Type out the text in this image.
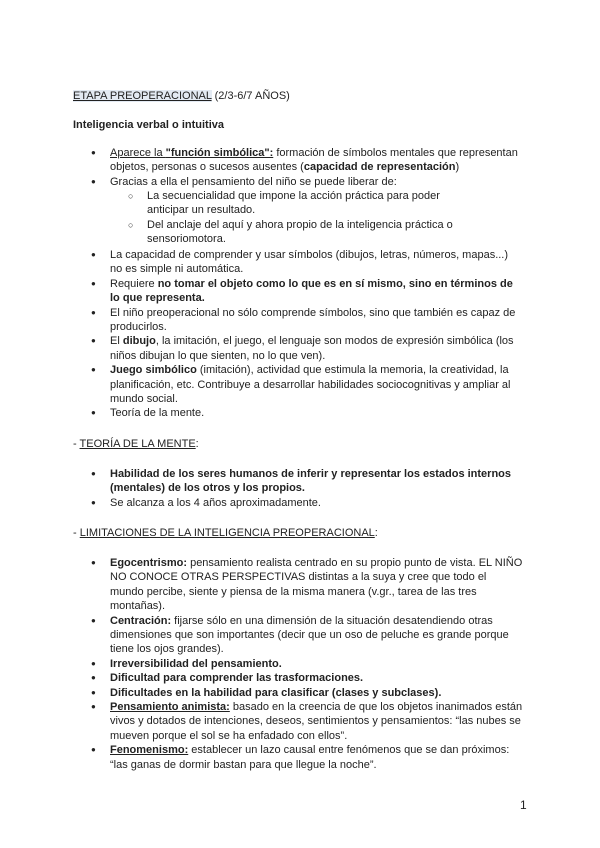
ETAPA PREOPERACIONAL (2/3-6/7 AÑOS)
Inteligencia verbal o intuitiva
● Aparece la "función simbólica": formación de símbolos mentales que representan objetos, personas o sucesos ausentes (capacidad de representación)
● Gracias a ella el pensamiento del niño se puede liberar de:
○ La secuencialidad que impone la acción práctica para poder anticipar un resultado.
○ Del anclaje del aquí y ahora propio de la inteligencia práctica o sensoriomotora.
● La capacidad de comprender y usar símbolos (dibujos, letras, números, mapas...) no es simple ni automática.
● Requiere no tomar el objeto como lo que es en sí mismo, sino en términos de lo que representa.
● El niño preoperacional no sólo comprende símbolos, sino que también es capaz de producirlos.
● El dibujo, la imitación, el juego, el lenguaje son modos de expresión simbólica (los niños dibujan lo que sienten, no lo que ven).
● Juego simbólico (imitación), actividad que estimula la memoria, la creatividad, la planificación, etc. Contribuye a desarrollar habilidades sociocognitivas y ampliar al mundo social.
● Teoría de la mente.
- TEORÍA DE LA MENTE:
● Habilidad de los seres humanos de inferir y representar los estados internos (mentales) de los otros y los propios.
● Se alcanza a los 4 años aproximadamente.
- LIMITACIONES DE LA INTELIGENCIA PREOPERACIONAL:
● Egocentrismo: pensamiento realista centrado en su propio punto de vista. EL NIÑO NO CONOCE OTRAS PERSPECTIVAS distintas a la suya y cree que todo el mundo percibe, siente y piensa de la misma manera (v.gr., tarea de las tres montañas).
● Centración: fijarse sólo en una dimensión de la situación desatendiendo otras dimensiones que son importantes (decir que un oso de peluche es grande porque tiene los ojos grandes).
● Irreversibilidad del pensamiento.
● Dificultad para comprender las trasformaciones.
● Dificultades en la habilidad para clasificar (clases y subclases).
● Pensamiento animista: basado en la creencia de que los objetos inanimados están vivos y dotados de intenciones, deseos, sentimientos y pensamientos: “las nubes se mueven porque el sol se ha enfadado con ellos”.
● Fenomenismo: establecer un lazo causal entre fenómenos que se dan próximos: “las ganas de dormir bastan para que llegue la noche”.
1
